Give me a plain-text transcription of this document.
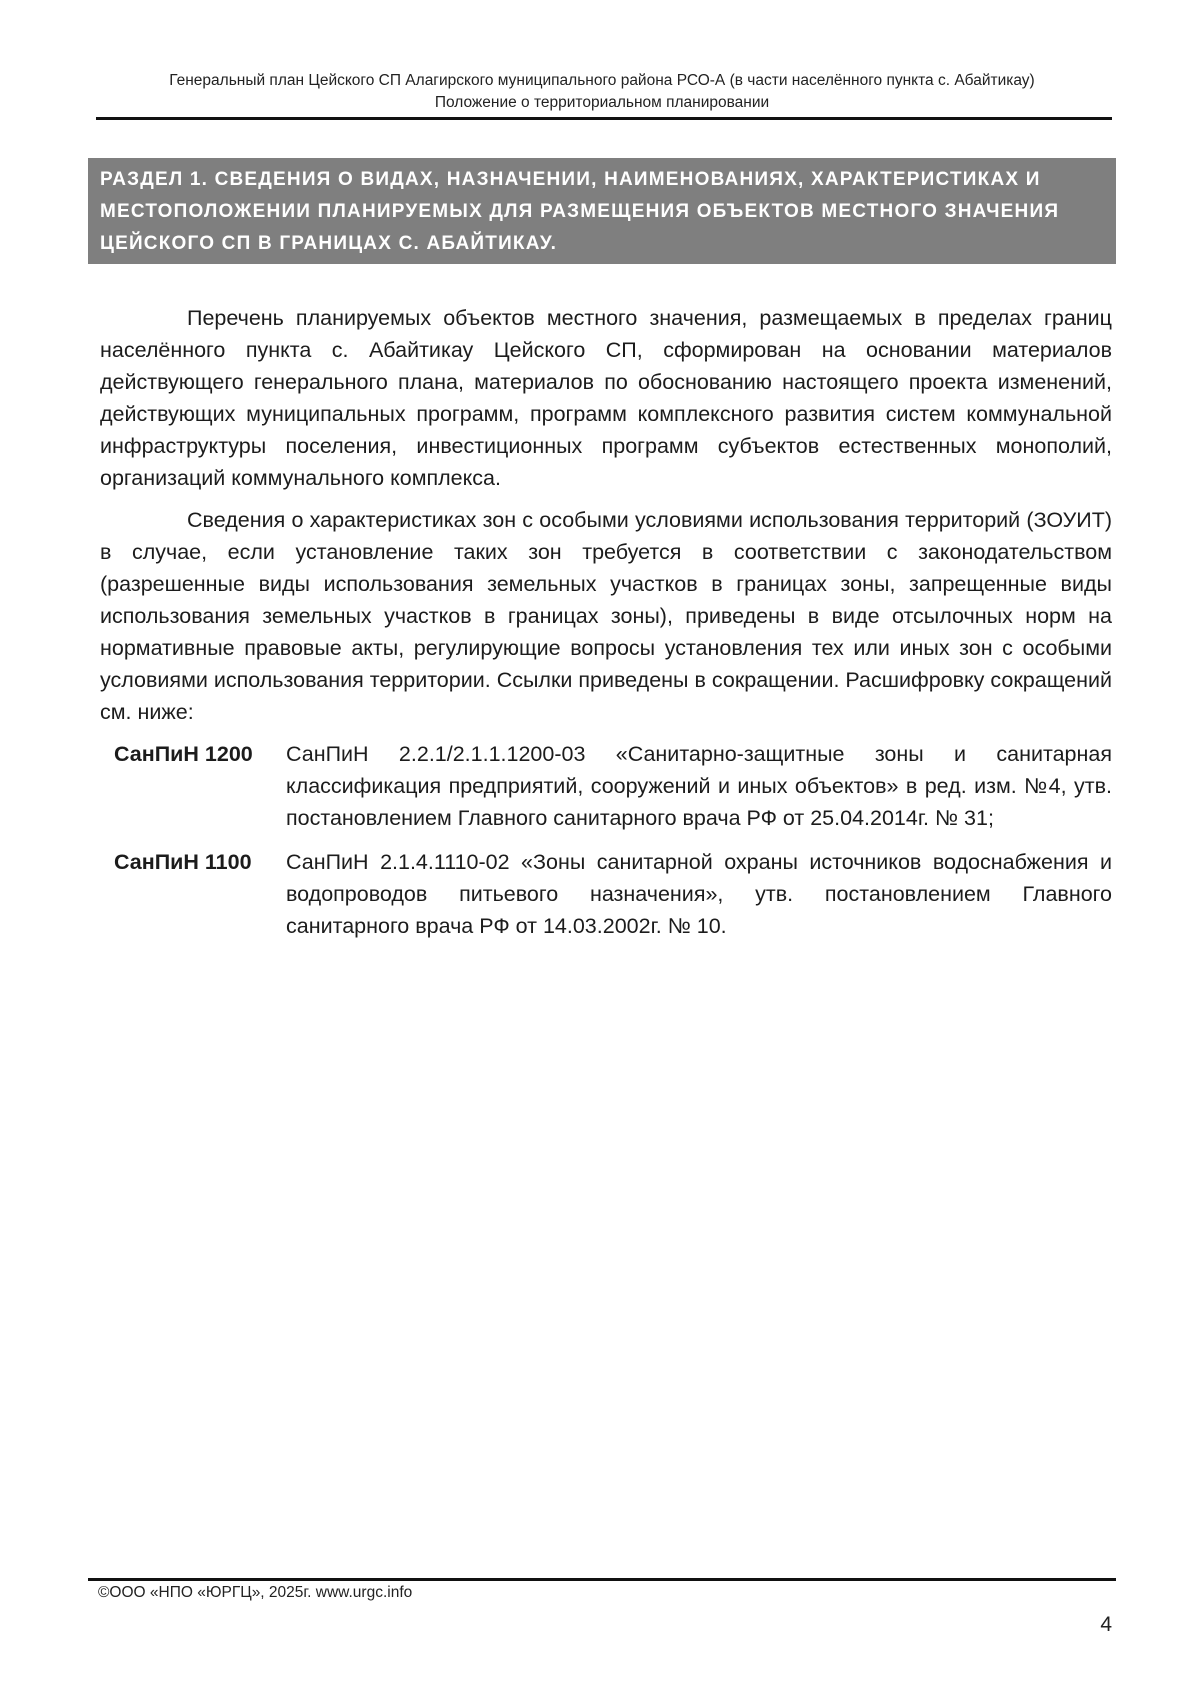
Генеральный план Цейского СП Алагирского муниципального района РСО-А (в части населённого пункта с. Абайтикау)
Положение о территориальном планировании
РАЗДЕЛ 1. СВЕДЕНИЯ О ВИДАХ, НАЗНАЧЕНИИ, НАИМЕНОВАНИЯХ, ХАРАКТЕРИСТИКАХ И МЕСТОПОЛОЖЕНИИ ПЛАНИРУЕМЫХ ДЛЯ РАЗМЕЩЕНИЯ ОБЪЕКТОВ МЕСТНОГО ЗНАЧЕНИЯ ЦЕЙСКОГО СП В ГРАНИЦАХ С. АБАЙТИКАУ.

Перечень планируемых объектов местного значения, размещаемых в пределах границ населённого пункта с. Абайтикау Цейского СП, сформирован на основании материалов действующего генерального плана, материалов по обоснованию настоящего проекта изменений, действующих муниципальных программ, программ комплексного развития систем коммунальной инфраструктуры поселения, инвестиционных программ субъектов естественных монополий, организаций коммунального комплекса.

Сведения о характеристиках зон с особыми условиями использования территорий (ЗОУИТ) в случае, если установление таких зон требуется в соответствии с законодательством (разрешенные виды использования земельных участков в границах зоны, запрещенные виды использования земельных участков в границах зоны), приведены в виде отсылочных норм на нормативные правовые акты, регулирующие вопросы установления тех или иных зон с особыми условиями использования территории. Ссылки приведены в сокращении. Расшифровку сокращений см. ниже:

СанПиН 1200	СанПиН 2.2.1/2.1.1.1200-03 «Санитарно-защитные зоны и санитарная классификация предприятий, сооружений и иных объектов» в ред. изм. №4, утв. постановлением Главного санитарного врача РФ от 25.04.2014г. № 31;
СанПиН 1100	СанПиН 2.1.4.1110-02 «Зоны санитарной охраны источников водоснабжения и водопроводов питьевого назначения», утв. постановлением Главного санитарного врача РФ от 14.03.2002г. № 10.
©ООО «НПО «ЮРГЦ», 2025г. www.urgc.info
4
